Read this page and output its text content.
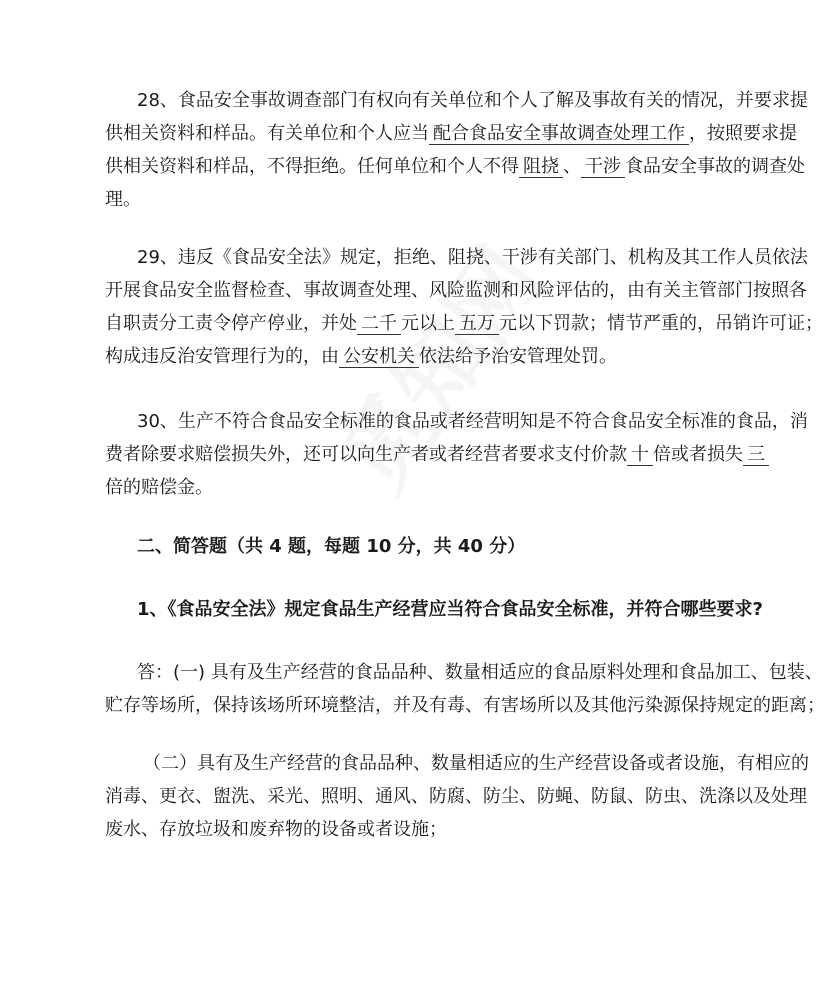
28、食品安全事故调查部门有权向有关单位和个人了解及事故有关的情况，并要求提
供相关资料和样品。有关单位和个人应当 配合食品安全事故调查处理工作 ，按照要求提
供相关资料和样品，不得拒绝。任何单位和个人不得 阻挠 、 干涉 食品安全事故的调查处
理。
29、违反《食品安全法》规定，拒绝、阻挠、干涉有关部门、机构及其工作人员依法
开展食品安全监督检查、事故调查处理、风险监测和风险评估的，由有关主管部门按照各
自职责分工责令停产停业，并处 二千 元以上 五万 元以下罚款；情节严重的，吊销许可证；
构成违反治安管理行为的，由 公安机关 依法给予治安管理处罚。
30、生产不符合食品安全标准的食品或者经营明知是不符合食品安全标准的食品，消
费者除要求赔偿损失外，还可以向生产者或者经营者要求支付价款 十 倍或者损失 三
倍的赔偿金。
二、简答题（共 4 题，每题 10 分，共 40 分）
1、《食品安全法》规定食品生产经营应当符合食品安全标准，并符合哪些要求?
答：(一) 具有及生产经营的食品品种、数量相适应的食品原料处理和食品加工、包装、
贮存等场所，保持该场所环境整洁，并及有毒、有害场所以及其他污染源保持规定的距离；
（二）具有及生产经营的食品品种、数量相适应的生产经营设备或者设施，有相应的
消毒、更衣、盥洗、采光、照明、通风、防腐、防尘、防蝇、防鼠、防虫、洗涤以及处理
废水、存放垃圾和废弃物的设备或者设施；
